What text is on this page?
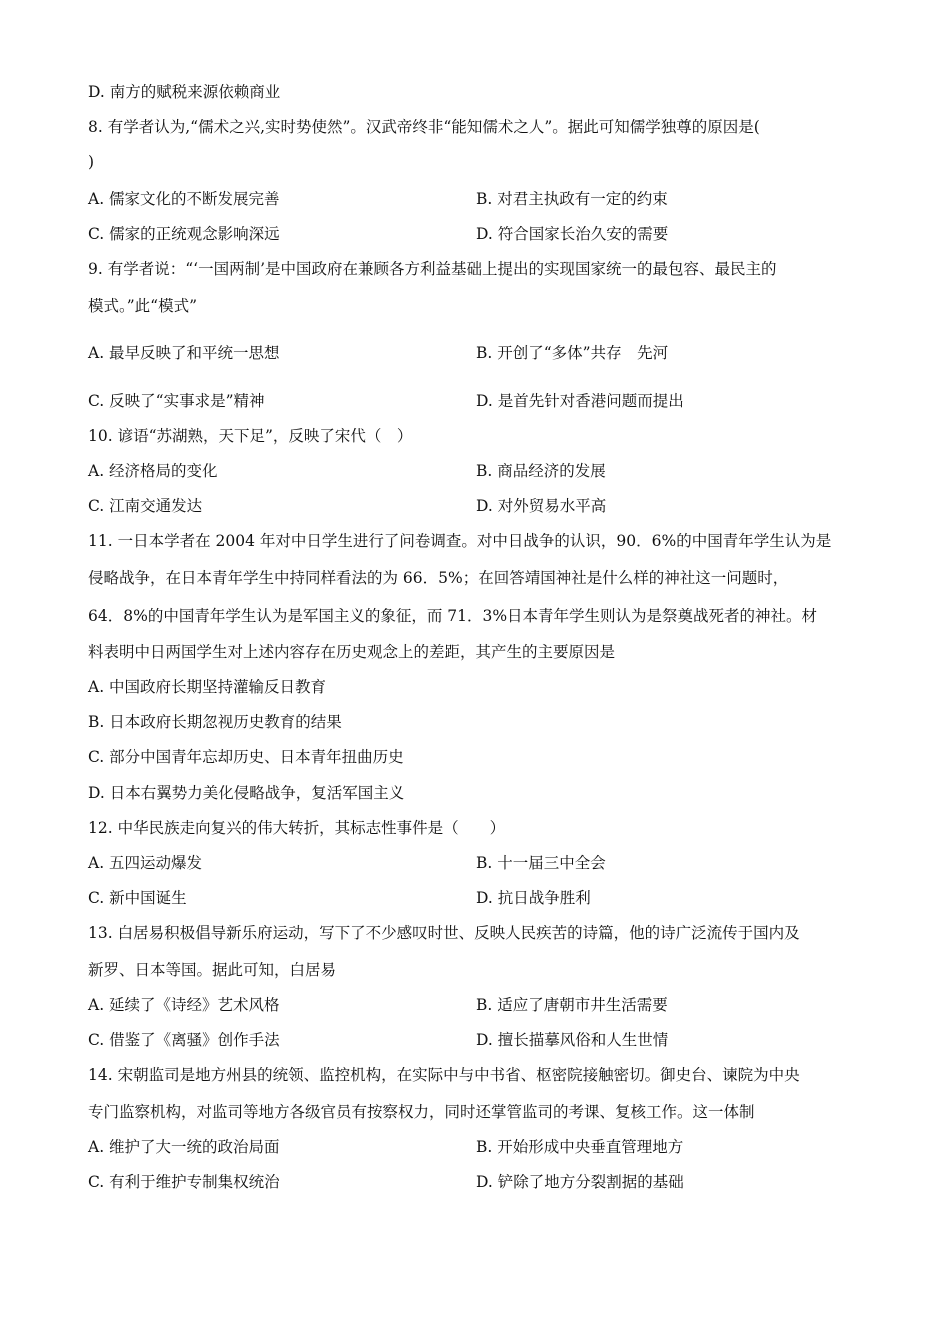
D. 南方的赋税来源依赖商业
8. 有学者认为,“儒术之兴,实时势使然”。汉武帝终非“能知儒术之人”。据此可知儒学独尊的原因是(
)
A. 儒家文化的不断发展完善	B. 对君主执政有一定的约束
C. 儒家的正统观念影响深远	D. 符合国家长治久安的需要
9. 有学者说：“‘一国两制’是中国政府在兼顾各方利益基础上提出的实现国家统一的最包容、最民主的
模式。”此“模式”
A. 最早反映了和平统一思想	B. 开创了“多体”共存　先河
C. 反映了“实事求是”精神	D. 是首先针对香港问题而提出
10. 谚语“苏湖熟，天下足”，反映了宋代（　）
A. 经济格局的变化	B. 商品经济的发展
C. 江南交通发达	D. 对外贸易水平高
11. 一日本学者在 2004 年对中日学生进行了问卷调查。对中日战争的认识，90．6%的中国青年学生认为是
侵略战争，在日本青年学生中持同样看法的为 66．5%；在回答靖国神社是什么样的神社这一问题时，
64．8%的中国青年学生认为是军国主义的象征，而 71．3%日本青年学生则认为是祭奠战死者的神社。材
料表明中日两国学生对上述内容存在历史观念上的差距，其产生的主要原因是
A. 中国政府长期坚持灌输反日教育
B. 日本政府长期忽视历史教育的结果
C. 部分中国青年忘却历史、日本青年扭曲历史
D. 日本右翼势力美化侵略战争，复活军国主义
12. 中华民族走向复兴的伟大转折，其标志性事件是（　　）
A. 五四运动爆发	B. 十一届三中全会
C. 新中国诞生	D. 抗日战争胜利
13. 白居易积极倡导新乐府运动，写下了不少感叹时世、反映人民疾苦的诗篇，他的诗广泛流传于国内及
新罗、日本等国。据此可知，白居易
A. 延续了《诗经》艺术风格	B. 适应了唐朝市井生活需要
C. 借鉴了《离骚》创作手法	D. 擅长描摹风俗和人生世情
14. 宋朝监司是地方州县的统领、监控机构，在实际中与中书省、枢密院接触密切。御史台、谏院为中央
专门监察机构，对监司等地方各级官员有按察权力，同时还掌管监司的考课、复核工作。这一体制
A. 维护了大一统的政治局面	B. 开始形成中央垂直管理地方
C. 有利于维护专制集权统治	D. 铲除了地方分裂割据的基础
